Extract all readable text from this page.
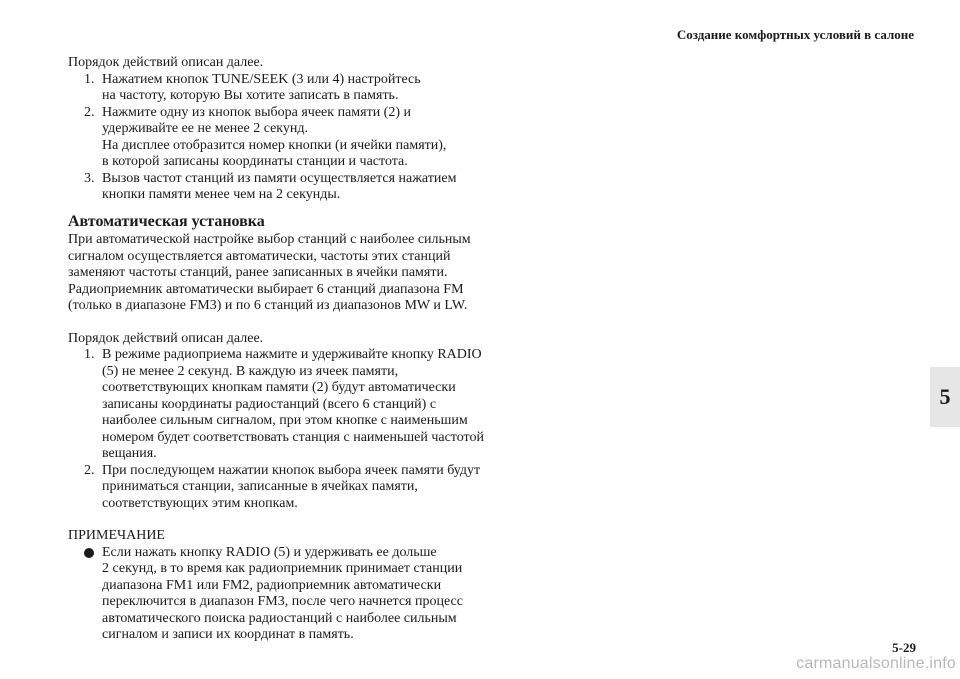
Создание комфортных условий в салоне

Порядок действий описан далее.

1. Нажатием кнопок TUNE/SEEK (3 или 4) настройтесь
на частоту, которую Вы хотите записать в память.
2. Нажмите одну из кнопок выбора ячеек памяти (2) и
удерживайте ее не менее 2 секунд.
На дисплее отобразится номер кнопки (и ячейки памяти),
в которой записаны координаты станции и частота.
3. Вызов частот станций из памяти осуществляется нажатием
кнопки памяти менее чем на 2 секунды.
Автоматическая установка

При автоматической настройке выбор станций с наиболее сильным

сигналом осуществляется автоматически, частоты этих станций

заменяют частоты станций, ранее записанных в ячейки памяти.

Радиоприемник автоматически выбирает 6 станций диапазона FM

(только в диапазоне FM3) и по 6 станций из диапазонов MW и LW.

Порядок действий описан далее.

1. В режиме радиоприема нажмите и удерживайте кнопку RADIO
(5) не менее 2 секунд. В каждую из ячеек памяти,
соответствующих кнопкам памяти (2) будут автоматически
записаны координаты радиостанций (всего 6 станций) с
наиболее сильным сигналом, при этом кнопке с наименьшим
номером будет соответствовать станция с наименьшей частотой
вещания.
2. При последующем нажатии кнопок выбора ячеек памяти будут
приниматься станции, записанные в ячейках памяти,
соответствующих этим кнопкам.

ПРИМЕЧАНИЕ

Если нажать кнопку RADIO (5) и удерживать ее дольше
2 секунд, в то время как радиоприемник принимает станции
диапазона FM1 или FM2, радиоприемник автоматически
переключится в диапазон FM3, после чего начнется процесс
автоматического поиска радиостанций с наиболее сильным
сигналом и записи их координат в память.
5
5-29
carmanualsonline.info
